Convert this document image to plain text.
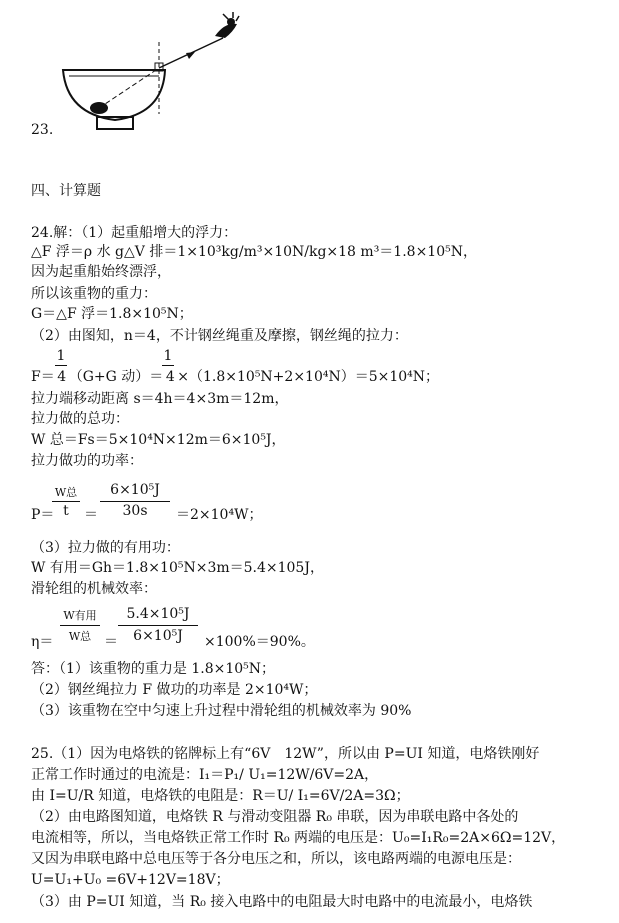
23.
四、计算题
24.解：（1）起重船增大的浮力：
△F 浮＝ρ 水 g△V 排＝1×10³kg/m³×10N/kg×18 m³＝1.8×10⁵N，
因为起重船始终漂浮，
所以该重物的重力：
G＝△F 浮＝1.8×10⁵N；
（2）由图知，n＝4，不计钢丝绳重及摩擦，钢丝绳的拉力：
1
F＝ 4 （G+G 动）＝ 4 ×（1.8×10⁵N+2×10⁴N）＝5×10⁴N；
1
拉力端移动距离 s＝4h＝4×3m＝12m，
拉力做的总功：
W 总＝Fs＝5×10⁴N×12m＝6×10⁵J，
拉力做功的功率：
P＝
W总
t	＝
6×10⁵J
30s	＝2×10⁴W；
（3）拉力做的有用功：
W 有用＝Gh＝1.8×10⁵N×3m＝5.4×105J，
滑轮组的机械效率：
η＝
W有用
W总 ＝
5.4×10⁵J
6×10⁵J	×100%＝90%。
答：（1）该重物的重力是 1.8×10⁵N；
（2）钢丝绳拉力 F 做功的功率是 2×10⁴W；
（3）该重物在空中匀速上升过程中滑轮组的机械效率为 90%
25.（1）因为电烙铁的铭牌标上有“6V　12W”，所以由 P=UI 知道，电烙铁刚好
正常工作时通过的电流是：I₁＝P₁/ U₁=12W/6V=2A，
由 I=U/R 知道，电烙铁的电阻是：R＝U/ I₁=6V/2A=3Ω；
（2）由电路图知道，电烙铁 R 与滑动变阻器 R₀ 串联，因为串联电路中各处的
电流相等，所以，当电烙铁正常工作时 R₀ 两端的电压是：U₀=I₁R₀=2A×6Ω=12V，
又因为串联电路中总电压等于各分电压之和，所以，该电路两端的电源电压是：
U=U₁+U₀ =6V+12V=18V；
（3）由 P=UI 知道，当 R₀ 接入电路中的电阻最大时电路中的电流最小，电烙铁
